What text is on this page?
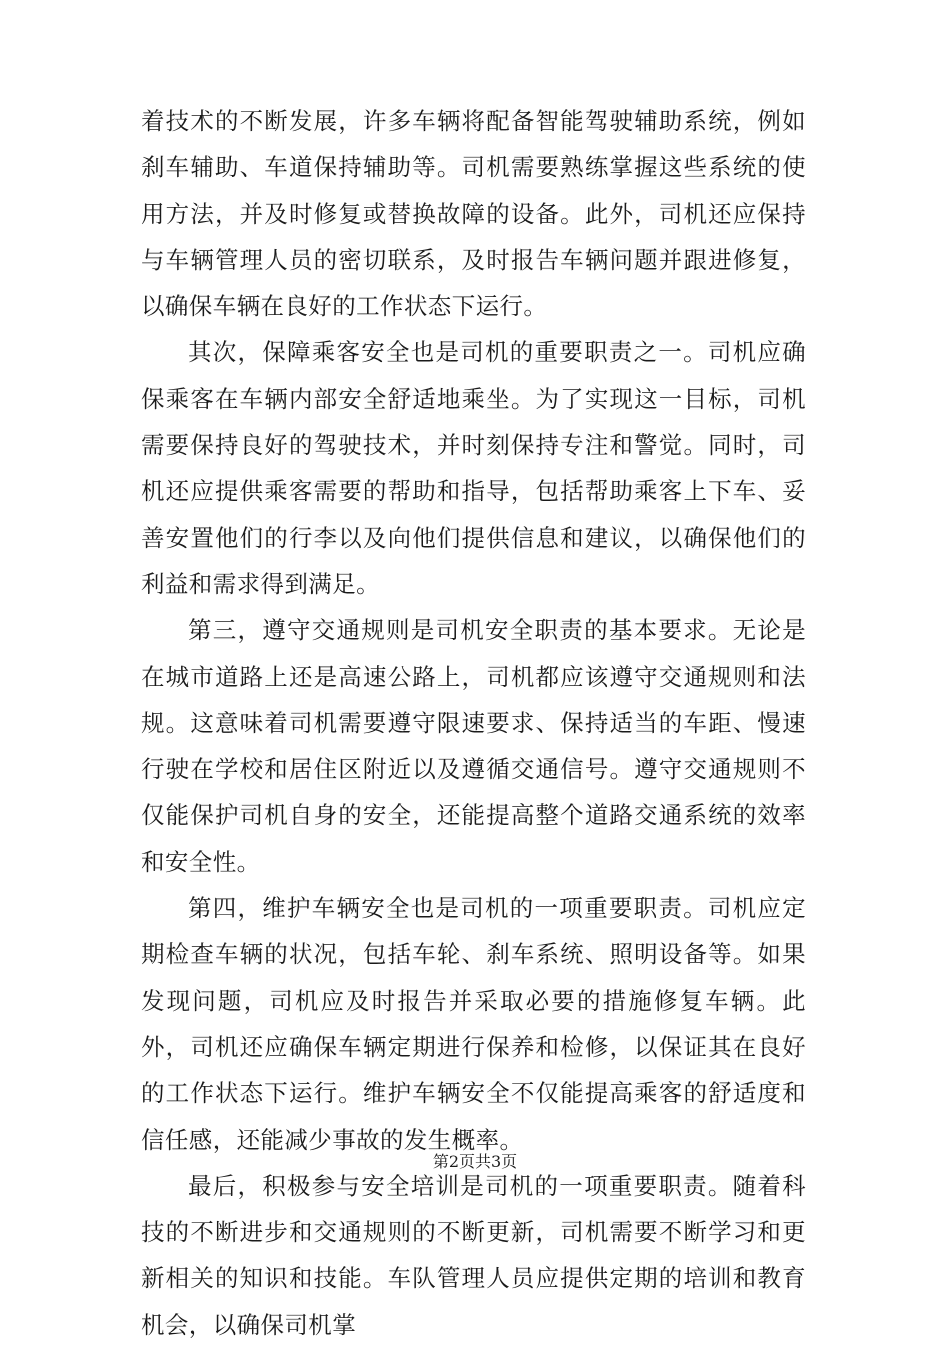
着技术的不断发展，许多车辆将配备智能驾驶辅助系统，例如刹车辅助、车道保持辅助等。司机需要熟练掌握这些系统的使用方法，并及时修复或替换故障的设备。此外，司机还应保持与车辆管理人员的密切联系，及时报告车辆问题并跟进修复，以确保车辆在良好的工作状态下运行。

其次，保障乘客安全也是司机的重要职责之一。司机应确保乘客在车辆内部安全舒适地乘坐。为了实现这一目标，司机需要保持良好的驾驶技术，并时刻保持专注和警觉。同时，司机还应提供乘客需要的帮助和指导，包括帮助乘客上下车、妥善安置他们的行李以及向他们提供信息和建议，以确保他们的利益和需求得到满足。

第三，遵守交通规则是司机安全职责的基本要求。无论是在城市道路上还是高速公路上，司机都应该遵守交通规则和法规。这意味着司机需要遵守限速要求、保持适当的车距、慢速行驶在学校和居住区附近以及遵循交通信号。遵守交通规则不仅能保护司机自身的安全，还能提高整个道路交通系统的效率和安全性。

第四，维护车辆安全也是司机的一项重要职责。司机应定期检查车辆的状况，包括车轮、刹车系统、照明设备等。如果发现问题，司机应及时报告并采取必要的措施修复车辆。此外，司机还应确保车辆定期进行保养和检修，以保证其在良好的工作状态下运行。维护车辆安全不仅能提高乘客的舒适度和信任感，还能减少事故的发生概率。

最后，积极参与安全培训是司机的一项重要职责。随着科技的不断进步和交通规则的不断更新，司机需要不断学习和更新相关的知识和技能。车队管理人员应提供定期的培训和教育机会，以确保司机掌

第2页共3页
